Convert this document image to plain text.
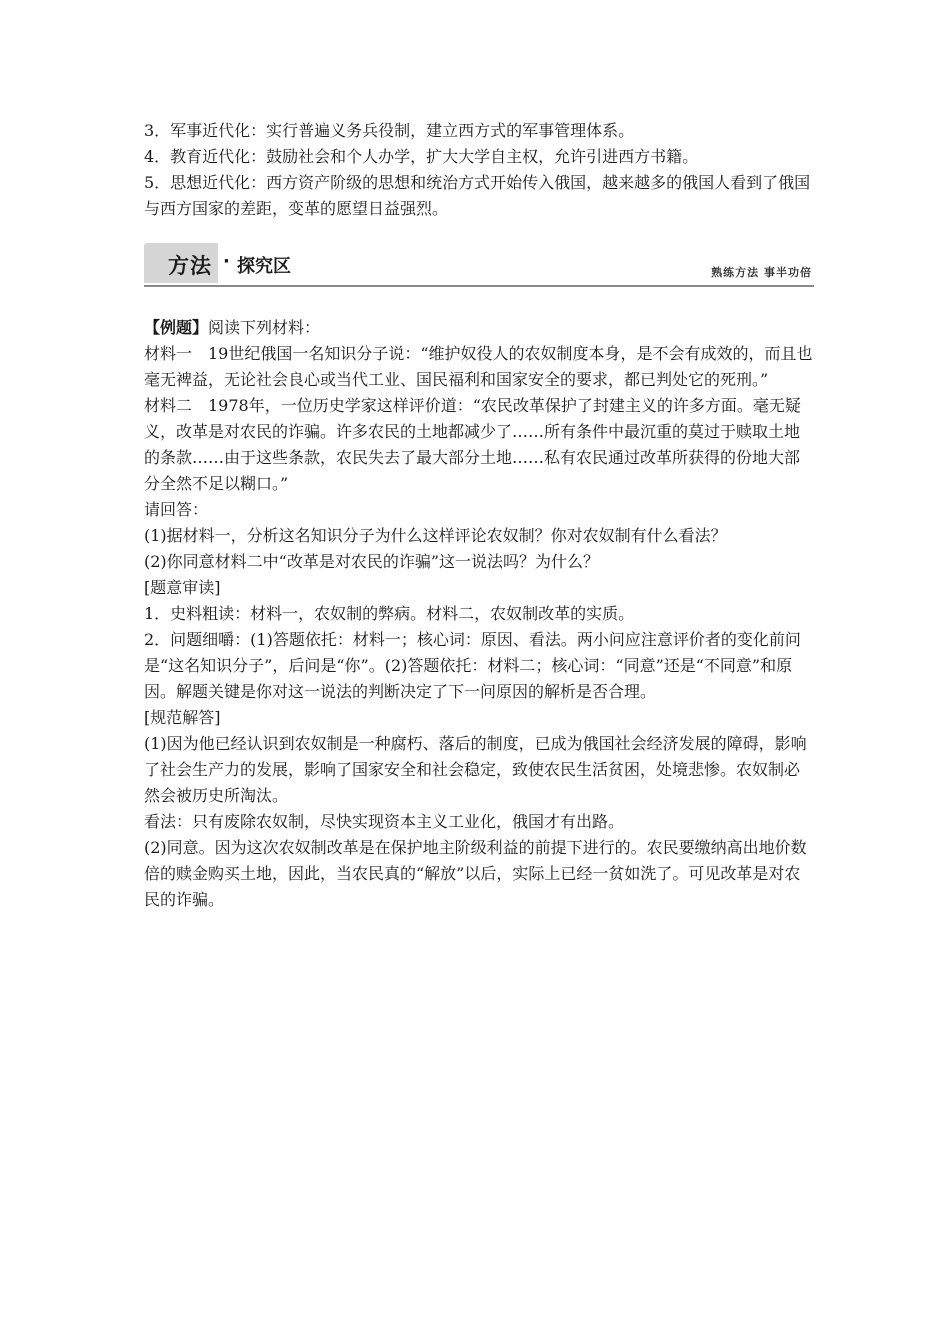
3．军事近代化：实行普遍义务兵役制，建立西方式的军事管理体系。

4．教育近代化：鼓励社会和个人办学，扩大大学自主权，允许引进西方书籍。

5．思想近代化：西方资产阶级的思想和统治方式开始传入俄国，越来越多的俄国人看到了俄国与西方国家的差距，变革的愿望日益强烈。

方法 · 探究区	熟练方法 事半功倍

【例题】阅读下列材料：

材料一　19世纪俄国一名知识分子说：“维护奴役人的农奴制度本身，是不会有成效的，而且也毫无裨益，无论社会良心或当代工业、国民福利和国家安全的要求，都已判处它的死刑。”

材料二　1978年，一位历史学家这样评价道：“农民改革保护了封建主义的许多方面。毫无疑义，改革是对农民的诈骗。许多农民的土地都减少了……所有条件中最沉重的莫过于赎取土地的条款……由于这些条款，农民失去了最大部分土地……私有农民通过改革所获得的份地大部分全然不足以糊口。”

请回答：

(1)据材料一，分析这名知识分子为什么这样评论农奴制？你对农奴制有什么看法？

(2)你同意材料二中“改革是对农民的诈骗”这一说法吗？为什么？

[题意审读]

1．史料粗读：材料一，农奴制的弊病。材料二，农奴制改革的实质。

2．问题细嚼：(1)答题依托：材料一；核心词：原因、看法。两小问应注意评价者的变化前问是“这名知识分子”，后问是“你”。(2)答题依托：材料二；核心词：“同意”还是“不同意”和原因。解题关键是你对这一说法的判断决定了下一问原因的解析是否合理。

[规范解答]

(1)因为他已经认识到农奴制是一种腐朽、落后的制度，已成为俄国社会经济发展的障碍，影响了社会生产力的发展，影响了国家安全和社会稳定，致使农民生活贫困，处境悲惨。农奴制必然会被历史所淘汰。

看法：只有废除农奴制，尽快实现资本主义工业化，俄国才有出路。

(2)同意。因为这次农奴制改革是在保护地主阶级利益的前提下进行的。农民要缴纳高出地价数倍的赎金购买土地，因此，当农民真的“解放”以后，实际上已经一贫如洗了。可见改革是对农民的诈骗。
